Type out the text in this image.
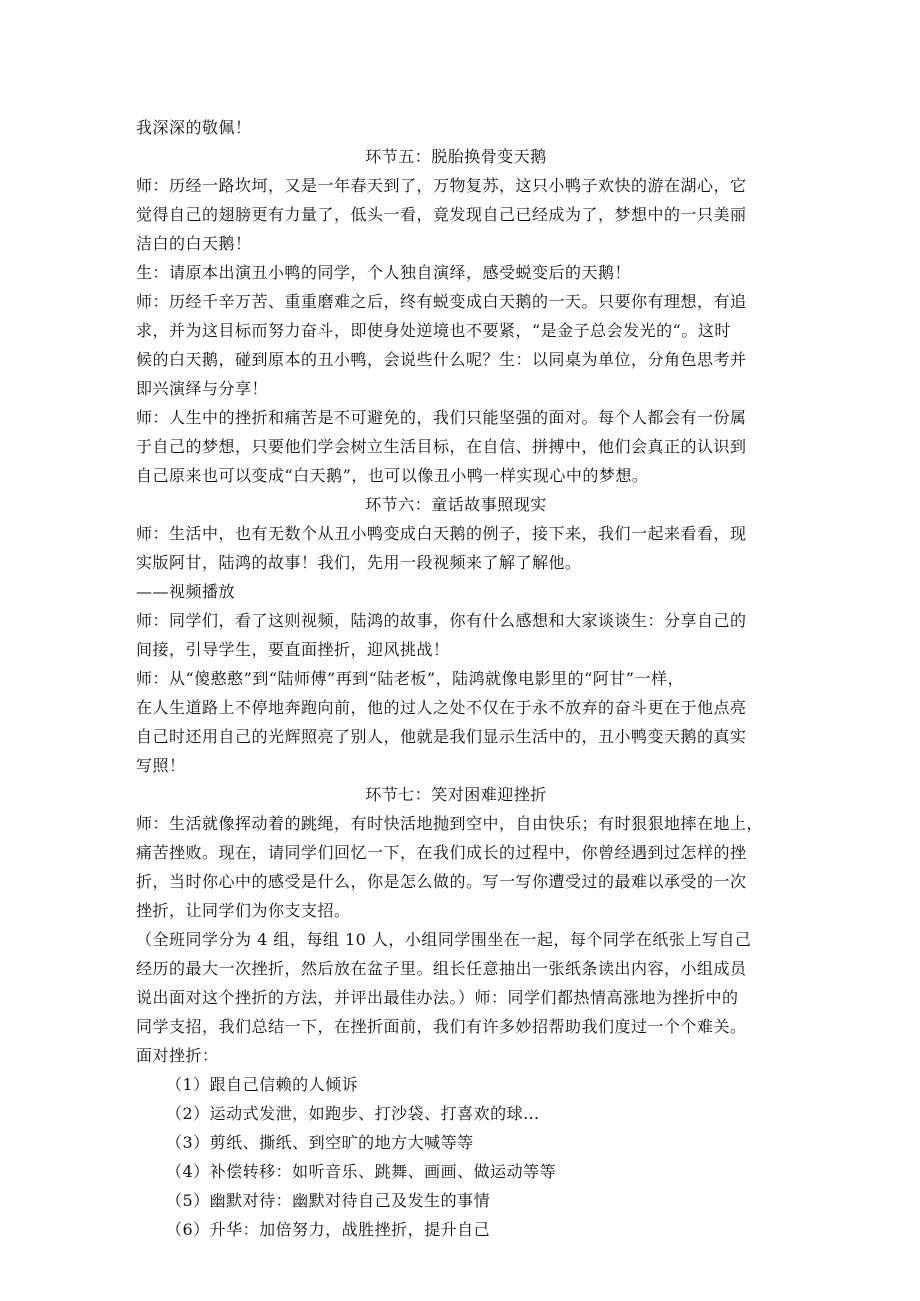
我深深的敬佩！
环节五：脱胎换骨变天鹅
师：历经一路坎坷，又是一年春天到了，万物复苏，这只小鸭子欢快的游在湖心，它
觉得自己的翅膀更有力量了，低头一看，竟发现自己已经成为了，梦想中的一只美丽
洁白的白天鹅！
生：请原本出演丑小鸭的同学，个人独自演绎，感受蜕变后的天鹅！
师：历经千辛万苦、重重磨难之后，终有蜕变成白天鹅的一天。只要你有理想，有追
求，并为这目标而努力奋斗，即使身处逆境也不要紧，“是金子总会发光的“。这时
候的白天鹅，碰到原本的丑小鸭，会说些什么呢？生：以同桌为单位，分角色思考并
即兴演绎与分享！
师：人生中的挫折和痛苦是不可避免的，我们只能坚强的面对。每个人都会有一份属
于自己的梦想，只要他们学会树立生活目标，在自信、拼搏中，他们会真正的认识到
自己原来也可以变成“白天鹅”，也可以像丑小鸭一样实现心中的梦想。
环节六：童话故事照现实
师：生活中，也有无数个从丑小鸭变成白天鹅的例子，接下来，我们一起来看看，现
实版阿甘，陆鸿的故事！我们，先用一段视频来了解了解他。
——视频播放
师：同学们，看了这则视频，陆鸿的故事，你有什么感想和大家谈谈生：分享自己的
间接，引导学生，要直面挫折，迎风挑战！
师：从“傻憨憨”到“陆师傅”再到“陆老板”，陆鸿就像电影里的“阿甘”一样，
在人生道路上不停地奔跑向前，他的过人之处不仅在于永不放弃的奋斗更在于他点亮
自己时还用自己的光辉照亮了别人，他就是我们显示生活中的，丑小鸭变天鹅的真实
写照！
环节七：笑对困难迎挫折
师：生活就像挥动着的跳绳，有时快活地抛到空中，自由快乐；有时狠狠地摔在地上，
痛苦挫败。现在，请同学们回忆一下，在我们成长的过程中，你曾经遇到过怎样的挫
折，当时你心中的感受是什么，你是怎么做的。写一写你遭受过的最难以承受的一次
挫折，让同学们为你支支招。
（全班同学分为 4 组，每组 10 人，小组同学围坐在一起，每个同学在纸张上写自己
经历的最大一次挫折，然后放在盆子里。组长任意抽出一张纸条读出内容，小组成员
说出面对这个挫折的方法，并评出最佳办法。）师：同学们都热情高涨地为挫折中的
同学支招，我们总结一下，在挫折面前，我们有许多妙招帮助我们度过一个个难关。
面对挫折：
（1）跟自己信赖的人倾诉
（2）运动式发泄，如跑步、打沙袋、打喜欢的球…
（3）剪纸、撕纸、到空旷的地方大喊等等
（4）补偿转移：如听音乐、跳舞、画画、做运动等等
（5）幽默对待：幽默对待自己及发生的事情
（6）升华：加倍努力，战胜挫折，提升自己
